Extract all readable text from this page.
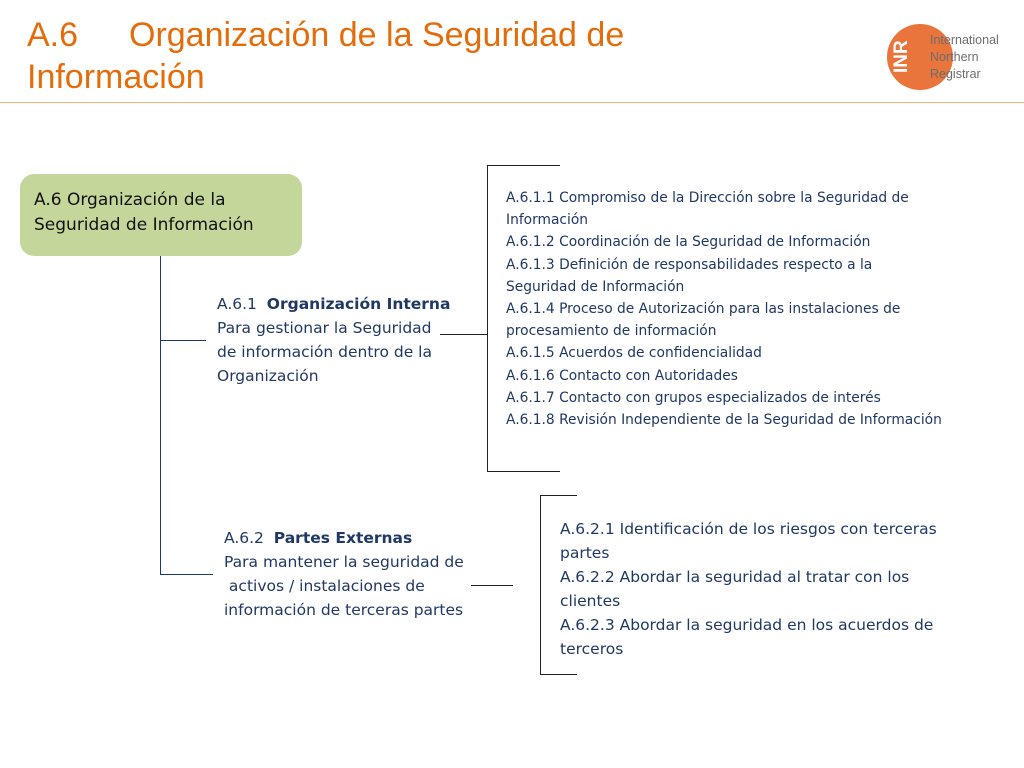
A.6 Organización de la Seguridad de
Información
INR
International
Northern
Registrar
A.6 Organización de la
Seguridad de Información
A.6.1 Organización Interna
Para gestionar la Seguridad
de información dentro de la
Organización
A.6.2 Partes Externas
Para mantener la seguridad de
activos / instalaciones de
información de terceras partes
A.6.1.1 Compromiso de la Dirección sobre la Seguridad de
Información
A.6.1.2 Coordinación de la Seguridad de Información
A.6.1.3 Definición de responsabilidades respecto a la
Seguridad de Información
A.6.1.4 Proceso de Autorización para las instalaciones de
procesamiento de información
A.6.1.5 Acuerdos de confidencialidad
A.6.1.6 Contacto con Autoridades
A.6.1.7 Contacto con grupos especializados de interés
A.6.1.8 Revisión Independiente de la Seguridad de Información
A.6.2.1 Identificación de los riesgos con terceras
partes
A.6.2.2 Abordar la seguridad al tratar con los
clientes
A.6.2.3 Abordar la seguridad en los acuerdos de
terceros
